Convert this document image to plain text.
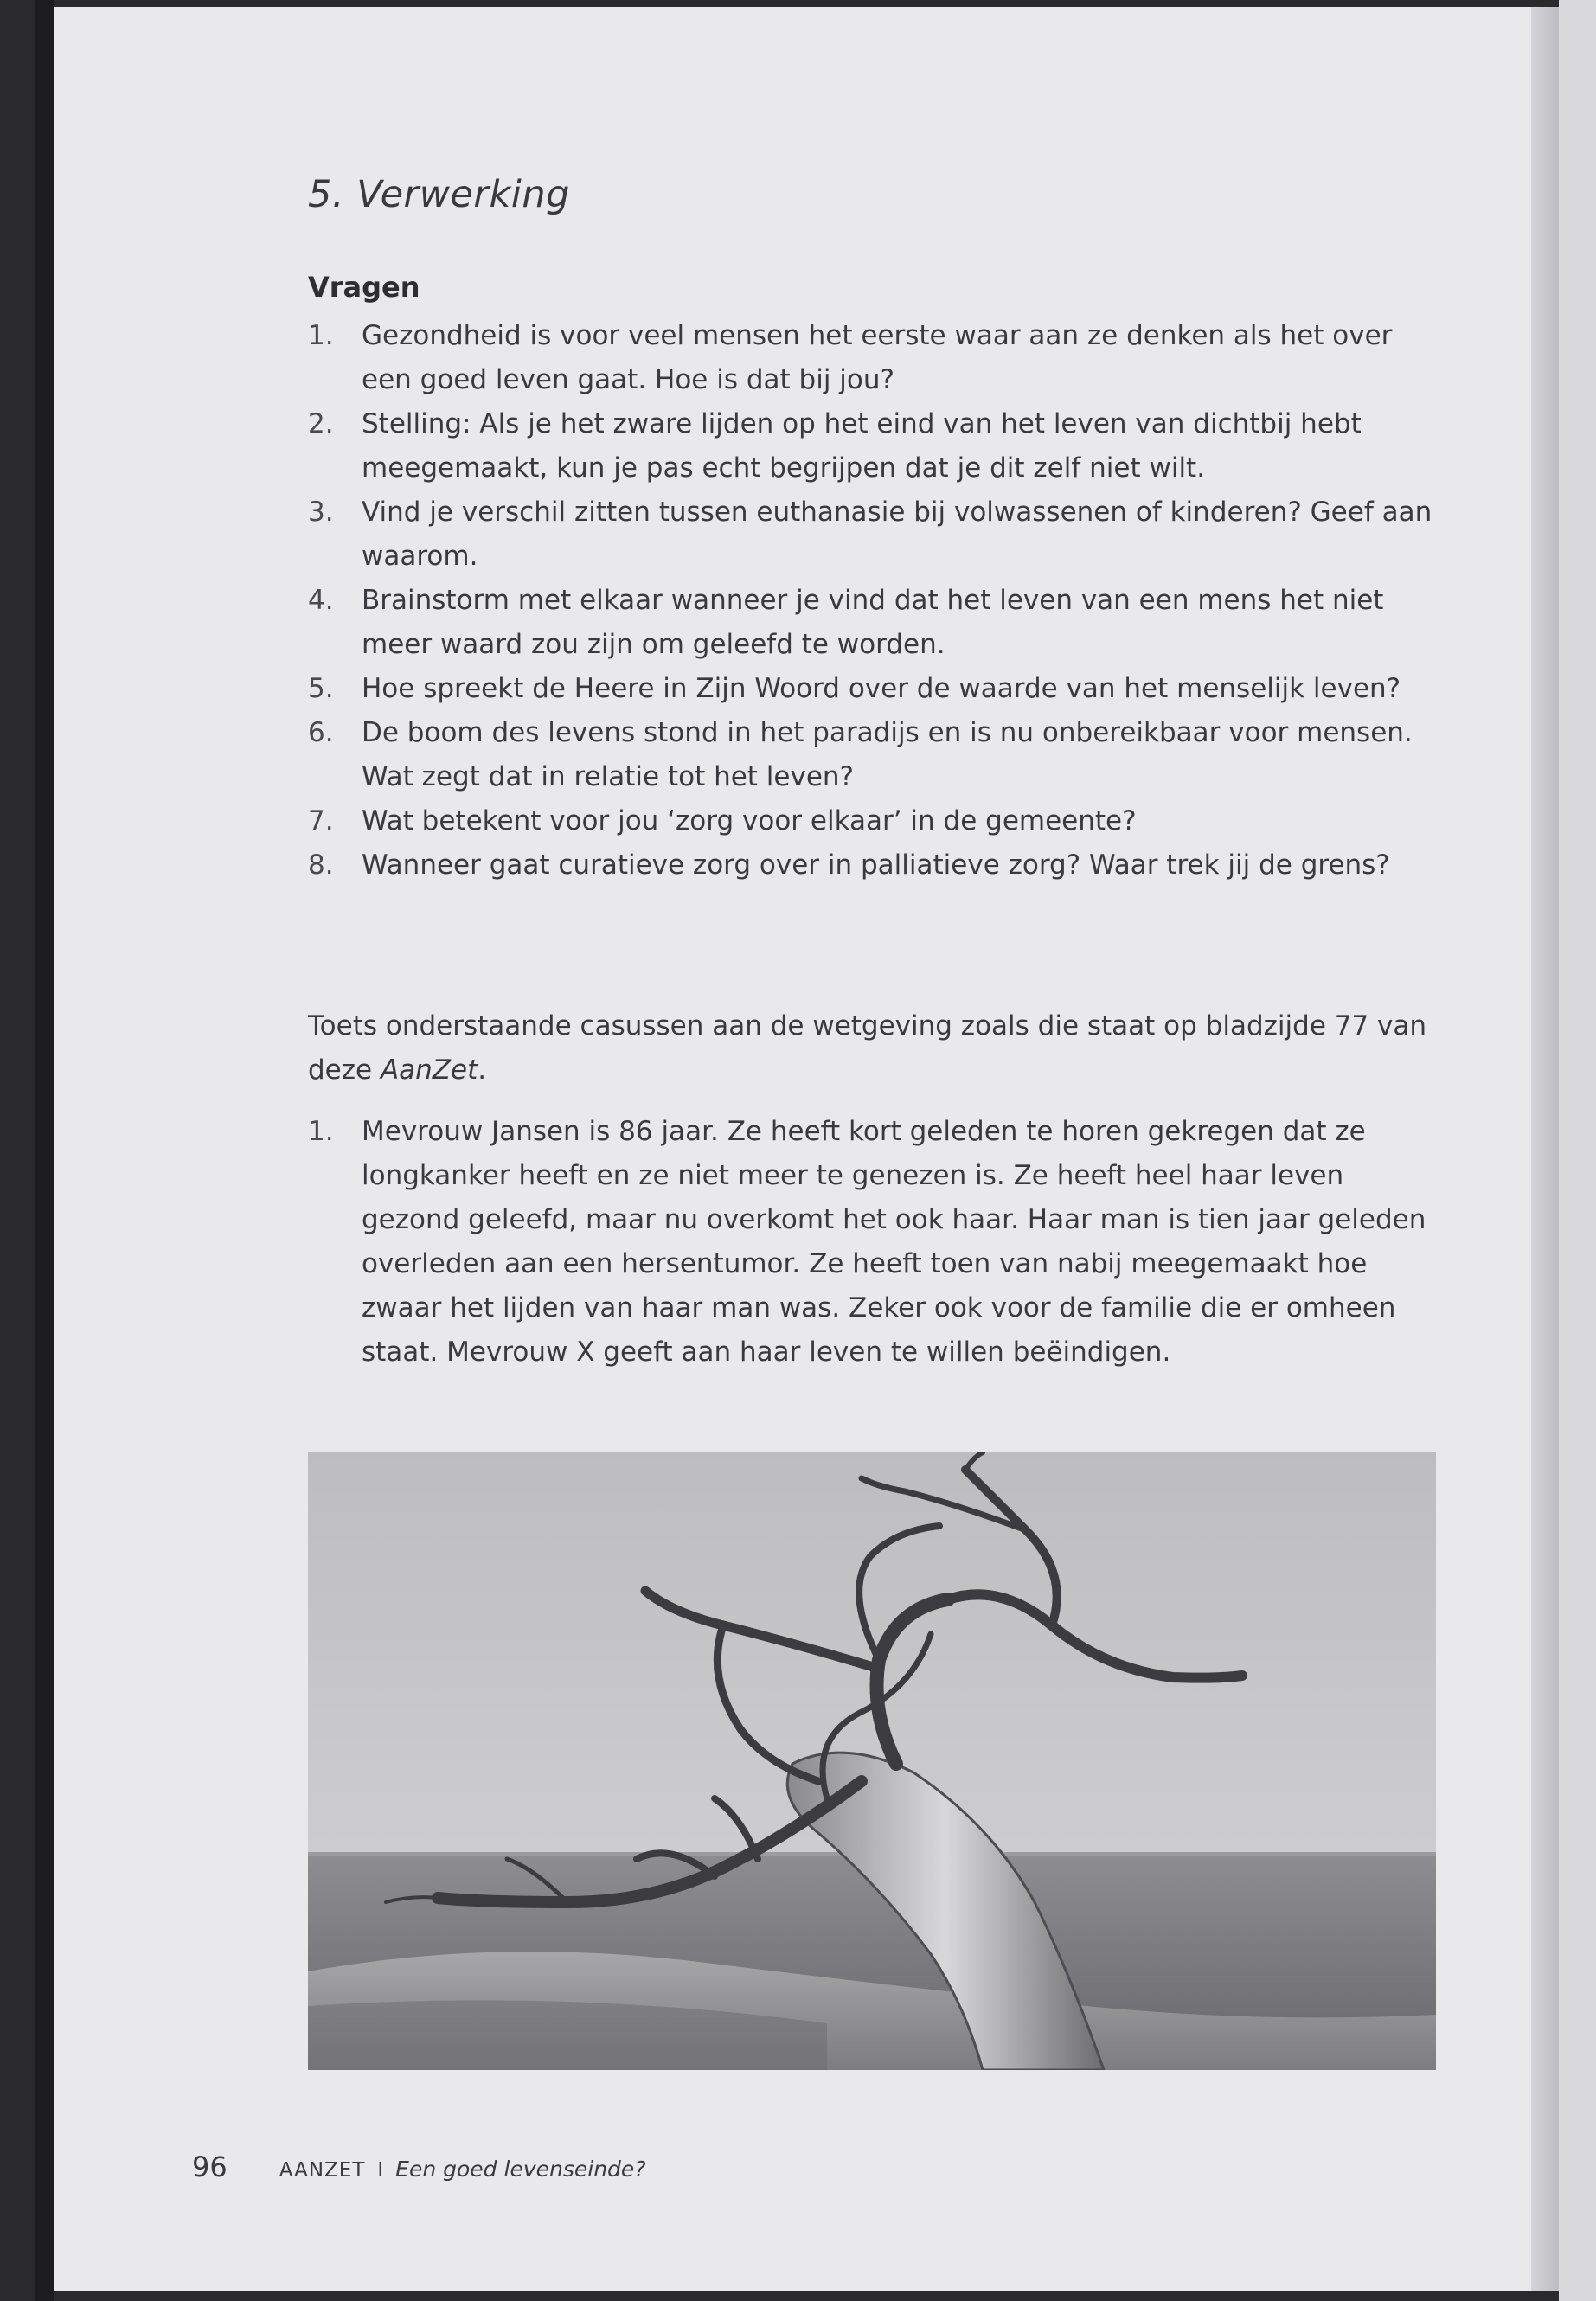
5. Verwerking
Vragen
1. Gezondheid is voor veel mensen het eerste waar aan ze denken als het over een goed leven gaat. Hoe is dat bij jou?
2. Stelling: Als je het zware lijden op het eind van het leven van dichtbij hebt meegemaakt, kun je pas echt begrijpen dat je dit zelf niet wilt.
3. Vind je verschil zitten tussen euthanasie bij volwassenen of kinderen? Geef aan waarom.
4. Brainstorm met elkaar wanneer je vind dat het leven van een mens het niet meer waard zou zijn om geleefd te worden.
5. Hoe spreekt de Heere in Zijn Woord over de waarde van het menselijk leven?
6. De boom des levens stond in het paradijs en is nu onbereikbaar voor mensen. Wat zegt dat in relatie tot het leven?
7. Wat betekent voor jou ‘zorg voor elkaar’ in de gemeente?
8. Wanneer gaat curatieve zorg over in palliatieve zorg? Waar trek jij de grens?

Toets onderstaande casussen aan de wetgeving zoals die staat op bladzijde 77 van deze AanZet.

1. Mevrouw Jansen is 86 jaar. Ze heeft kort geleden te horen gekregen dat ze longkanker heeft en ze niet meer te genezen is. Ze heeft heel haar leven gezond geleefd, maar nu overkomt het ook haar. Haar man is tien jaar geleden overleden aan een hersentumor. Ze heeft toen van nabij meegemaakt hoe zwaar het lijden van haar man was. Zeker ook voor de familie die er omheen staat. Mevrouw X geeft aan haar leven te willen beëindigen.
96	AANZET I Een goed levenseinde?
